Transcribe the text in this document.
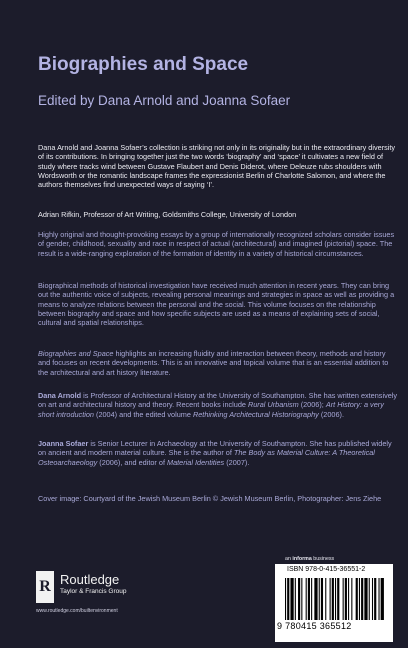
Biographies and Space
Edited by Dana Arnold and Joanna Sofaer

Dana Arnold and Joanna Sofaer’s collection is striking not only in its originality but in the extraordinary diversity of its contributions. In bringing together just the two words ‘biography’ and ‘space’ it cultivates a new field of study where tracks wind between Gustave Flaubert and Denis Diderot, where Deleuze rubs shoulders with Wordsworth or the romantic landscape frames the expressionist Berlin of Charlotte Salomon, and where the authors themselves find unexpected ways of saying ‘I’.

Adrian Rifkin, Professor of Art Writing, Goldsmiths College, University of London

Highly original and thought-provoking essays by a group of internationally recognized scholars consider issues of gender, childhood, sexuality and race in respect of actual (architectural) and imagined (pictorial) space. The result is a wide-ranging exploration of the formation of identity in a variety of historical circumstances.

Biographical methods of historical investigation have received much attention in recent years. They can bring out the authentic voice of subjects, revealing personal meanings and strategies in space as well as providing a means to analyze relations between the personal and the social. This volume focuses on the relationship between biography and space and how specific subjects are used as a means of explaining sets of social, cultural and spatial relationships.

Biographies and Space highlights an increasing fluidity and interaction between theory, methods and history and focuses on recent developments. This is an innovative and topical volume that is an essential addition to the architectural and art history literature.

Dana Arnold is Professor of Architectural History at the University of Southampton. She has written extensively on art and architectural history and theory. Recent books include Rural Urbanism (2006); Art History: a very short introduction (2004) and the edited volume Rethinking Architectural Historiography (2006).

Joanna Sofaer is Senior Lecturer in Archaeology at the University of Southampton. She has published widely on ancient and modern material culture. She is the author of The Body as Material Culture: A Theoretical Osteoarchaeology (2006), and editor of Material Identities (2007).

Cover image: Courtyard of the Jewish Museum Berlin © Jewish Museum Berlin, Photographer: Jens Ziehe

R Routledge
Taylor & Francis Group
www.routledge.com/builtenvironment
an informa business
ISBN 978-0-415-36551-2
9 780415 365512
